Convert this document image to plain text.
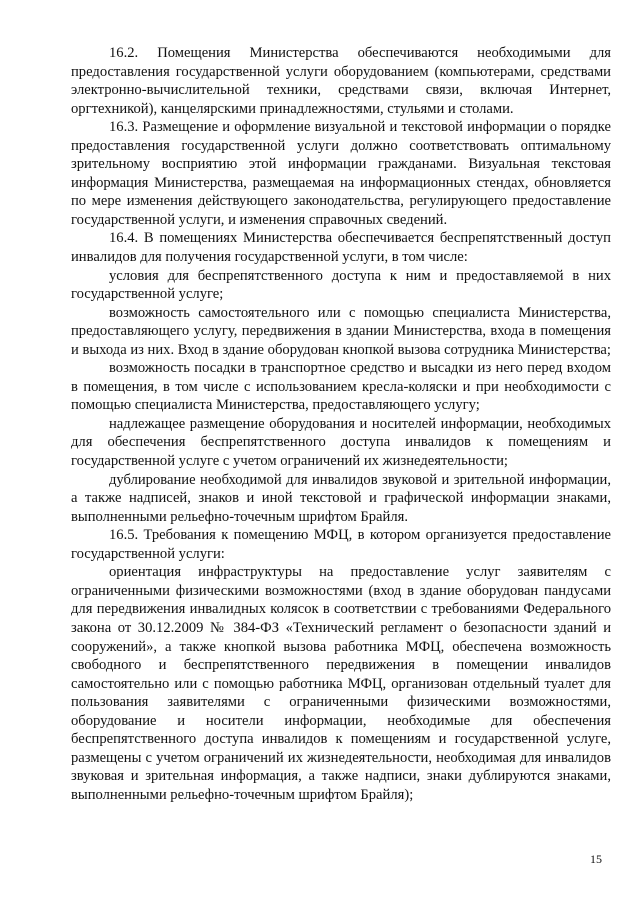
16.2. Помещения Министерства обеспечиваются необходимыми для предоставления государственной услуги оборудованием (компьютерами, средствами электронно-вычислительной техники, средствами связи, включая Интернет, оргтехникой), канцелярскими принадлежностями, стульями и столами.

16.3. Размещение и оформление визуальной и текстовой информации о порядке предоставления государственной услуги должно соответствовать оптимальному зрительному восприятию этой информации гражданами. Визуальная текстовая информация Министерства, размещаемая на информационных стендах, обновляется по мере изменения действующего законодательства, регулирующего предоставление государственной услуги, и изменения справочных сведений.

16.4. В помещениях Министерства обеспечивается беспрепятственный доступ инвалидов для получения государственной услуги, в том числе:

условия для беспрепятственного доступа к ним и предоставляемой в них государственной услуге;

возможность самостоятельного или с помощью специалиста Министерства, предоставляющего услугу, передвижения в здании Министерства, входа в помещения и выхода из них. Вход в здание оборудован кнопкой вызова сотрудника Министерства;

возможность посадки в транспортное средство и высадки из него перед входом в помещения, в том числе с использованием кресла-коляски и при необходимости с помощью специалиста Министерства, предоставляющего услугу;

надлежащее размещение оборудования и носителей информации, необходимых для обеспечения беспрепятственного доступа инвалидов к помещениям и государственной услуге с учетом ограничений их жизнедеятельности;

дублирование необходимой для инвалидов звуковой и зрительной информации, а также надписей, знаков и иной текстовой и графической информации знаками, выполненными рельефно-точечным шрифтом Брайля.

16.5. Требования к помещению МФЦ, в котором организуется предоставление государственной услуги:

ориентация инфраструктуры на предоставление услуг заявителям с ограниченными физическими возможностями (вход в здание оборудован пандусами для передвижения инвалидных колясок в соответствии с требованиями Федерального закона от 30.12.2009 № 384-ФЗ «Технический регламент о безопасности зданий и сооружений», а также кнопкой вызова работника МФЦ, обеспечена возможность свободного и беспрепятственного передвижения в помещении инвалидов самостоятельно или с помощью работника МФЦ, организован отдельный туалет для пользования заявителями с ограниченными физическими возможностями, оборудование и носители информации, необходимые для обеспечения беспрепятственного доступа инвалидов к помещениям и государственной услуге, размещены с учетом ограничений их жизнедеятельности, необходимая для инвалидов звуковая и зрительная информация, а также надписи, знаки дублируются знаками, выполненными рельефно-точечным шрифтом Брайля);

15
